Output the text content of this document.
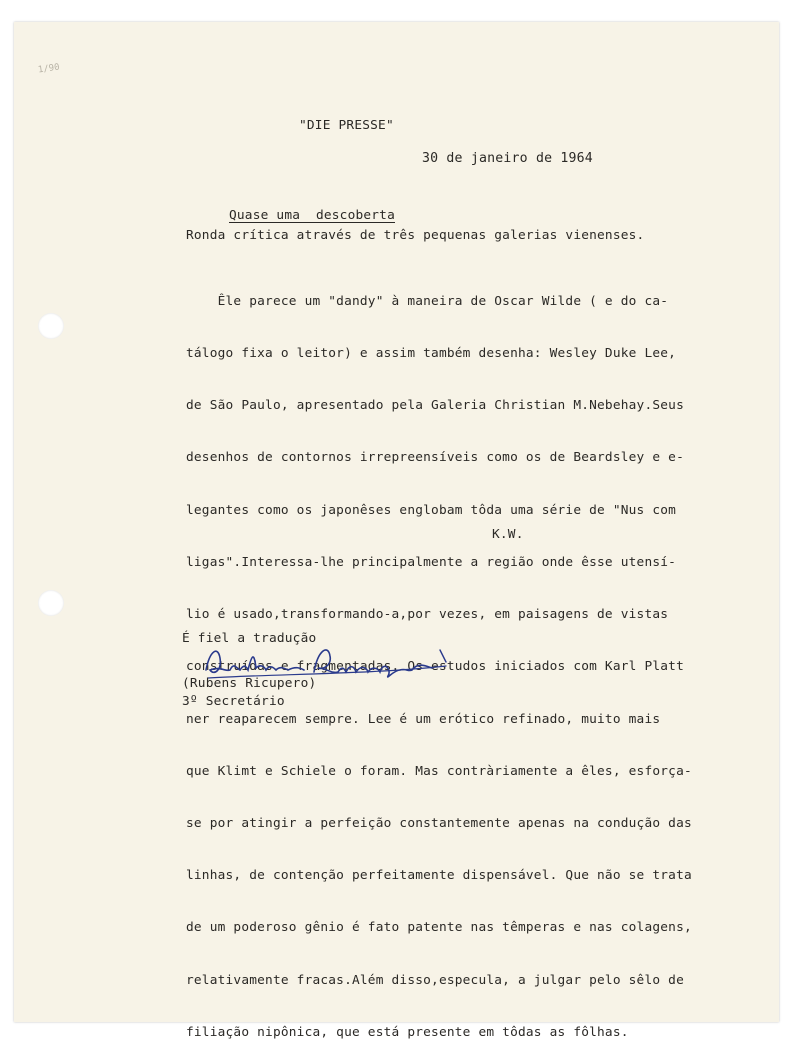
1/90
"DIE PRESSE"
30 de janeiro de 1964
Quase uma  descoberta
Ronda crítica através de três pequenas galerias vienenses.

Êle parece um "dandy" à maneira de Oscar Wilde ( e do ca-

tálogo fixa o leitor) e assim também desenha: Wesley Duke Lee,

de São Paulo, apresentado pela Galeria Christian M.Nebehay.Seus

desenhos de contornos irrepreensíveis como os de Beardsley e e-

legantes como os japonêses englobam tôda uma série de "Nus com

ligas".Interessa-lhe principalmente a região onde êsse utensí-

lio é usado,transformando-a,por vezes, em paisagens de vistas

construídas e fragmentadas. Os estudos iniciados com Karl Platt

ner reaparecem sempre. Lee é um erótico refinado, muito mais

que Klimt e Schiele o foram. Mas contràriamente a êles, esforça-

se por atingir a perfeição constantemente apenas na condução das

linhas, de contenção perfeitamente dispensável. Que não se trata

de um poderoso gênio é fato patente nas têmperas e nas colagens,

relativamente fracas.Além disso,especula, a julgar pelo sêlo de

filiação nipônica, que está presente em tôdas as fôlhas.

K.W.
É fiel a tradução
(Rubens Ricupero)
3º Secretário
